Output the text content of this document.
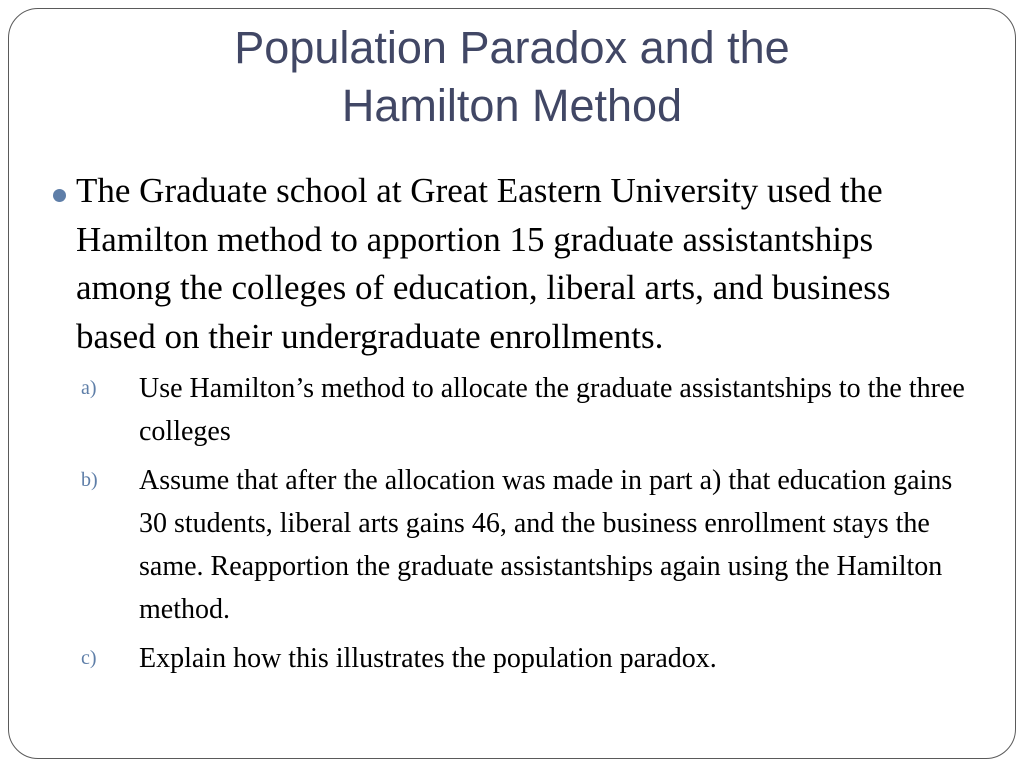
Population Paradox and the
Hamilton Method
The Graduate school at Great Eastern University used the Hamilton method to apportion 15 graduate assistantships among the colleges of education, liberal arts, and business based on their undergraduate enrollments.
a) Use Hamilton’s method to allocate the graduate assistantships to the three colleges
b) Assume that after the allocation was made in part a) that education gains 30 students, liberal arts gains 46, and the business enrollment stays the same. Reapportion the graduate assistantships again using the Hamilton method.
c) Explain how this illustrates the population paradox.
